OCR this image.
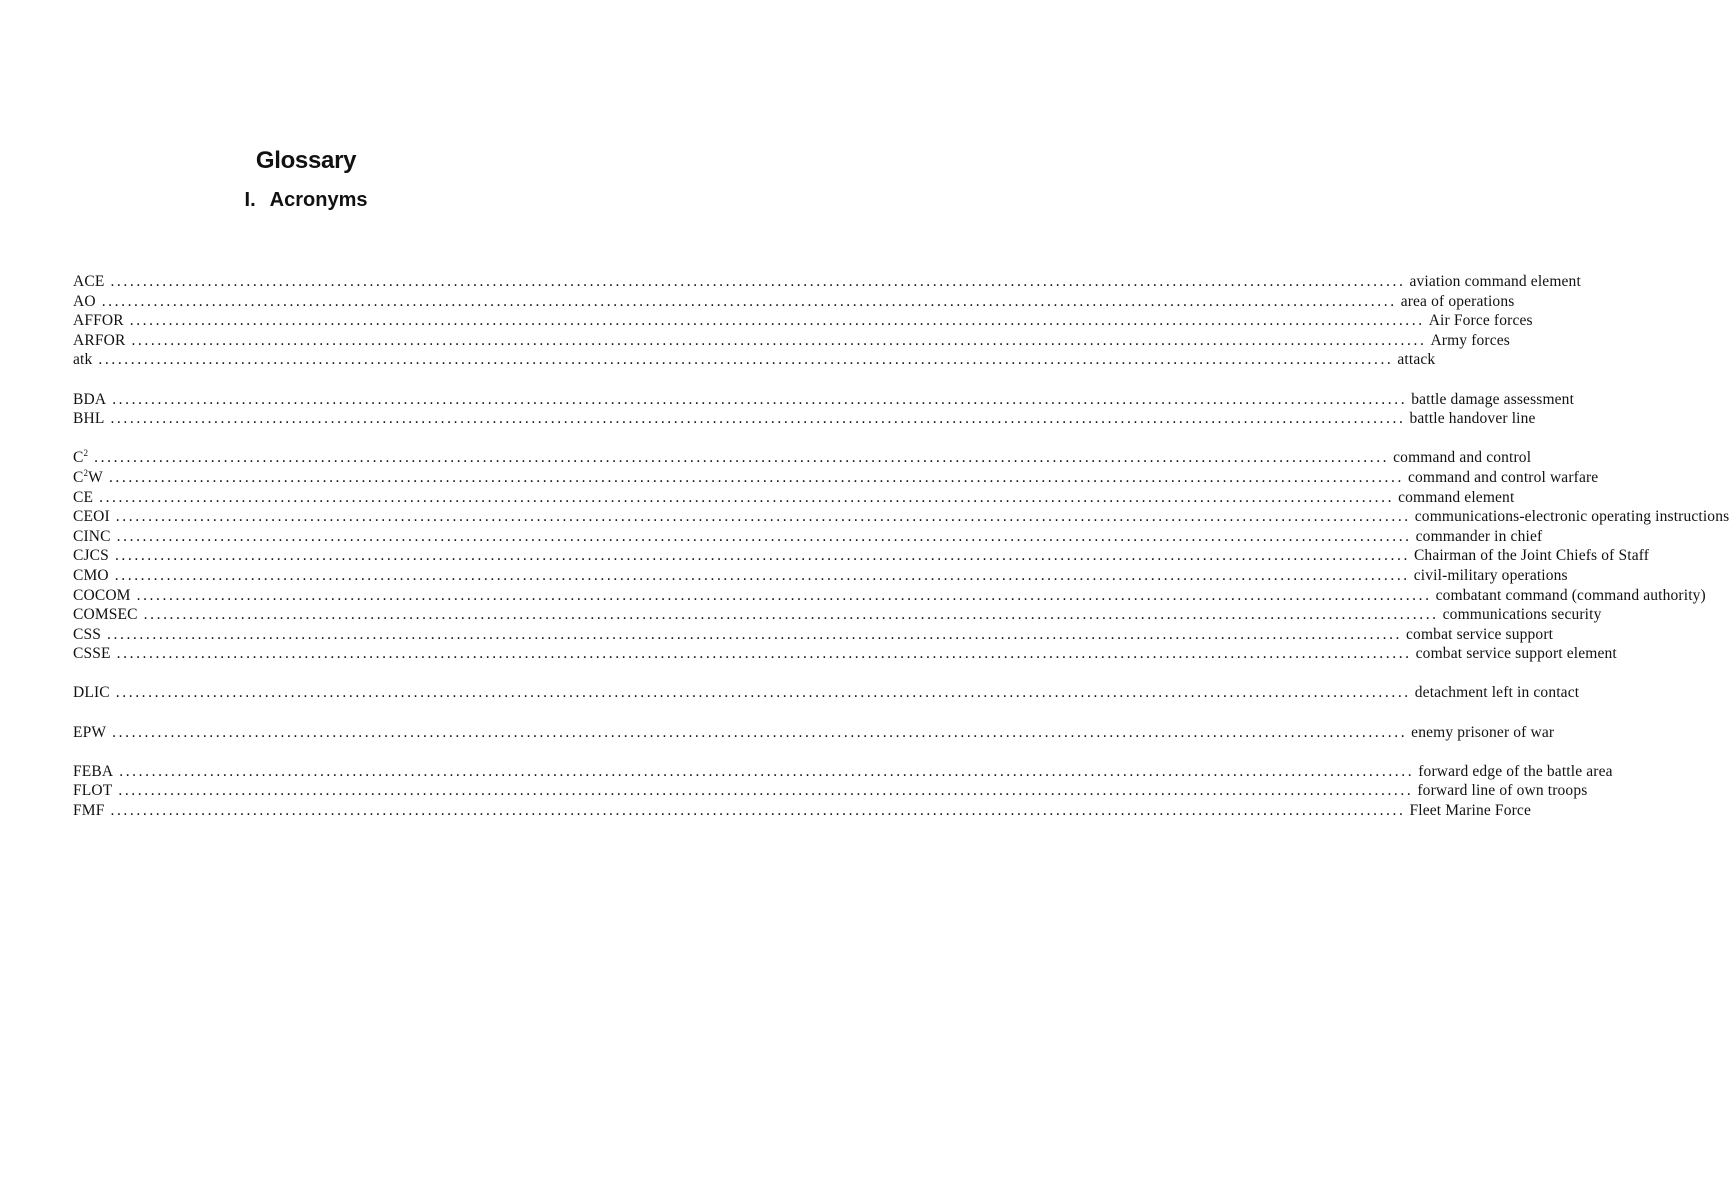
Glossary
I. Acronyms
ACE ........................................................................................................................................................................................................ aviation command element
AO ........................................................................................................................................................................................................ area of operations
AFFOR ........................................................................................................................................................................................................ Air Force forces
ARFOR ........................................................................................................................................................................................................ Army forces
atk ........................................................................................................................................................................................................ attack
BDA ........................................................................................................................................................................................................ battle damage assessment
BHL ........................................................................................................................................................................................................ battle handover line
$C^2$ ........................................................................................................................................................................................................ command and control
$C^2W$ ........................................................................................................................................................................................................ command and control warfare
CE ........................................................................................................................................................................................................ command element
CEOI ........................................................................................................................................................................................................ communications-electronic operating instructions
CINC ........................................................................................................................................................................................................ commander in chief
CJCS ........................................................................................................................................................................................................ Chairman of the Joint Chiefs of Staff
CMO ........................................................................................................................................................................................................ civil-military operations
COCOM ........................................................................................................................................................................................................ combatant command (command authority)
COMSEC ........................................................................................................................................................................................................ communications security
CSS ........................................................................................................................................................................................................ combat service support
CSSE ........................................................................................................................................................................................................ combat service support element
DLIC ........................................................................................................................................................................................................ detachment left in contact
EPW ........................................................................................................................................................................................................ enemy prisoner of war
FEBA ........................................................................................................................................................................................................ forward edge of the battle area
FLOT ........................................................................................................................................................................................................ forward line of own troops
FMF ........................................................................................................................................................................................................ Fleet Marine Force
